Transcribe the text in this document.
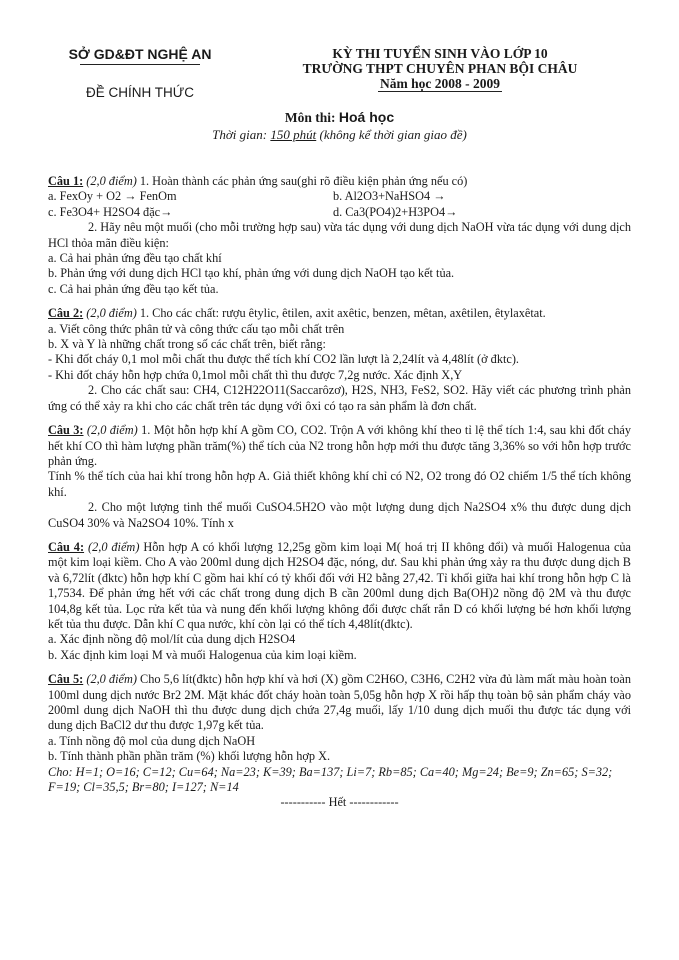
SỞ GD&ĐT NGHỆ AN
ĐỀ CHÍNH THỨC
KỲ THI TUYỂN SINH VÀO LỚP 10
TRƯỜNG THPT CHUYÊN PHAN BỘI CHÂU
Năm học 2008 - 2009
Môn thi: Hoá học
Thời gian: 150 phút (không kể thời gian giao đề)

Câu 1: (2,0 điểm) 1. Hoàn thành các phản ứng sau(ghi rõ điều kiện phản ứng nếu có)

a. FexOy + O2 → FenOm	b. Al2O3+NaHSO4 →
c. Fe3O4+ H2SO4 đặc→	d. Ca3(PO4)2+H3PO4→

2. Hãy nêu một muối (cho mỗi trường hợp sau) vừa tác dụng với dung dịch NaOH vừa tác dụng với dung dịch HCl thỏa mãn điều kiện:

a. Cả hai phản ứng đều tạo chất khí

b. Phản ứng với dung dịch HCl tạo khí, phản ứng với dung dịch NaOH tạo kết tủa.

c. Cả hai phản ứng đều tạo kết tủa.

Câu 2: (2,0 điểm) 1. Cho các chất: rượu êtylic, êtilen, axit axêtic, benzen, mêtan, axêtilen, êtylaxêtat.

a. Viết công thức phân tử và công thức cấu tạo mỗi chất trên

b. X và Y là những chất trong số các chất trên, biết rằng:

- Khi đốt cháy 0,1 mol mỗi chất thu được thể tích khí CO2 lần lượt là 2,24lít và 4,48lít (ở đktc).

- Khi đốt cháy hỗn hợp chứa 0,1mol mỗi chất thì thu được 7,2g nước. Xác định X,Y

2. Cho các chất sau: CH4, C12H22O11(Saccarôzơ), H2S, NH3, FeS2, SO2. Hãy viết các phương trình phản ứng có thể xảy ra khi cho các chất trên tác dụng với ôxi có tạo ra sản phẩm là đơn chất.

Câu 3: (2,0 điểm) 1. Một hỗn hợp khí A gồm CO, CO2. Trộn A với không khí theo tỉ lệ thể tích 1:4, sau khi đốt cháy hết khí CO thì hàm lượng phần trăm(%) thể tích của N2 trong hỗn hợp mới thu được tăng 3,36% so với hỗn hợp trước phản ứng.

Tính % thể tích của hai khí trong hỗn hợp A. Giả thiết không khí chỉ có N2, O2 trong đó O2 chiếm 1/5 thể tích không khí.

2. Cho một lượng tinh thể muối CuSO4.5H2O vào một lượng dung dịch Na2SO4 x% thu được dung dịch CuSO4 30% và Na2SO4 10%. Tính x

Câu 4: (2,0 điểm) Hỗn hợp A có khối lượng 12,25g gồm kim loại M( hoá trị II không đổi) và muối Halogenua của một kim loại kiềm. Cho A vào 200ml dung dịch H2SO4 đặc, nóng, dư. Sau khi phản ứng xảy ra thu được dung dịch B và 6,72lít (đktc) hỗn hợp khí C gồm hai khí có tỷ khối đối với H2 bằng 27,42. Tỉ khối giữa hai khí trong hỗn hợp C là 1,7534. Để phản ứng hết với các chất trong dung dịch B cần 200ml dung dịch Ba(OH)2 nồng độ 2M và thu được 104,8g kết tủa. Lọc rửa kết tủa và nung đến khối lượng không đổi được chất rắn D có khối lượng bé hơn khối lượng kết tủa thu được. Dẫn khí C qua nước, khí còn lại có thể tích 4,48lít(đktc).

a. Xác định nồng độ mol/lít của dung dịch H2SO4

b. Xác định kim loại M và muối Halogenua của kim loại kiềm.

Câu 5: (2,0 điểm) Cho 5,6 lít(đktc) hỗn hợp khí và hơi (X) gồm C2H6O, C3H6, C2H2 vừa đủ làm mất màu hoàn toàn 100ml dung dịch nước Br2 2M. Mặt khác đốt cháy hoàn toàn 5,05g hỗn hợp X rồi hấp thụ toàn bộ sản phẩm cháy vào 200ml dung dịch NaOH thì thu được dung dịch chứa 27,4g muối, lấy 1/10 dung dịch muối thu được tác dụng với dung dịch BaCl2 dư thu được 1,97g kết tủa.

a. Tính nồng độ mol của dung dịch NaOH

b. Tính thành phần phần trăm (%) khối lượng hỗn hợp X.

Cho: H=1; O=16; C=12; Cu=64; Na=23; K=39; Ba=137; Li=7; Rb=85; Ca=40; Mg=24; Be=9; Zn=65; S=32; F=19; Cl=35,5; Br=80; I=127; N=14

----------- Hết ------------
